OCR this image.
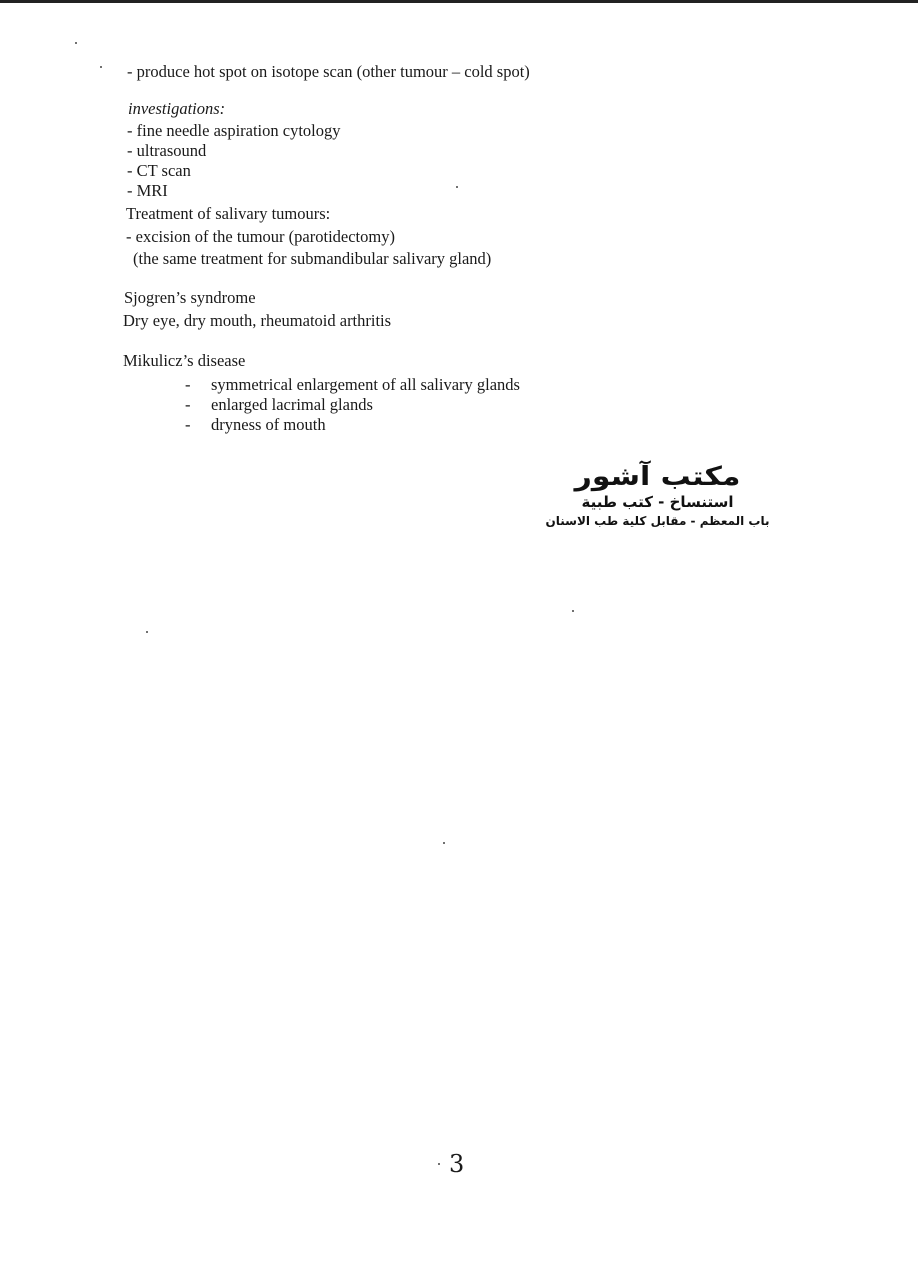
- produce hot spot on isotope scan (other tumour – cold spot)
investigations:
- fine needle aspiration cytology
- ultrasound
- CT scan
- MRI
Treatment of salivary tumours:
- excision of the tumour (parotidectomy)
(the same treatment for submandibular salivary gland)
Sjogren’s syndrome
Dry eye, dry mouth, rheumatoid arthritis
Mikulicz’s disease
- symmetrical enlargement of all salivary glands
- enlarged lacrimal glands
- dryness of mouth
مكتب آشور
استنساخ - كتب طبية
باب المعظم - مقابل كلية طب الاسنان
3
